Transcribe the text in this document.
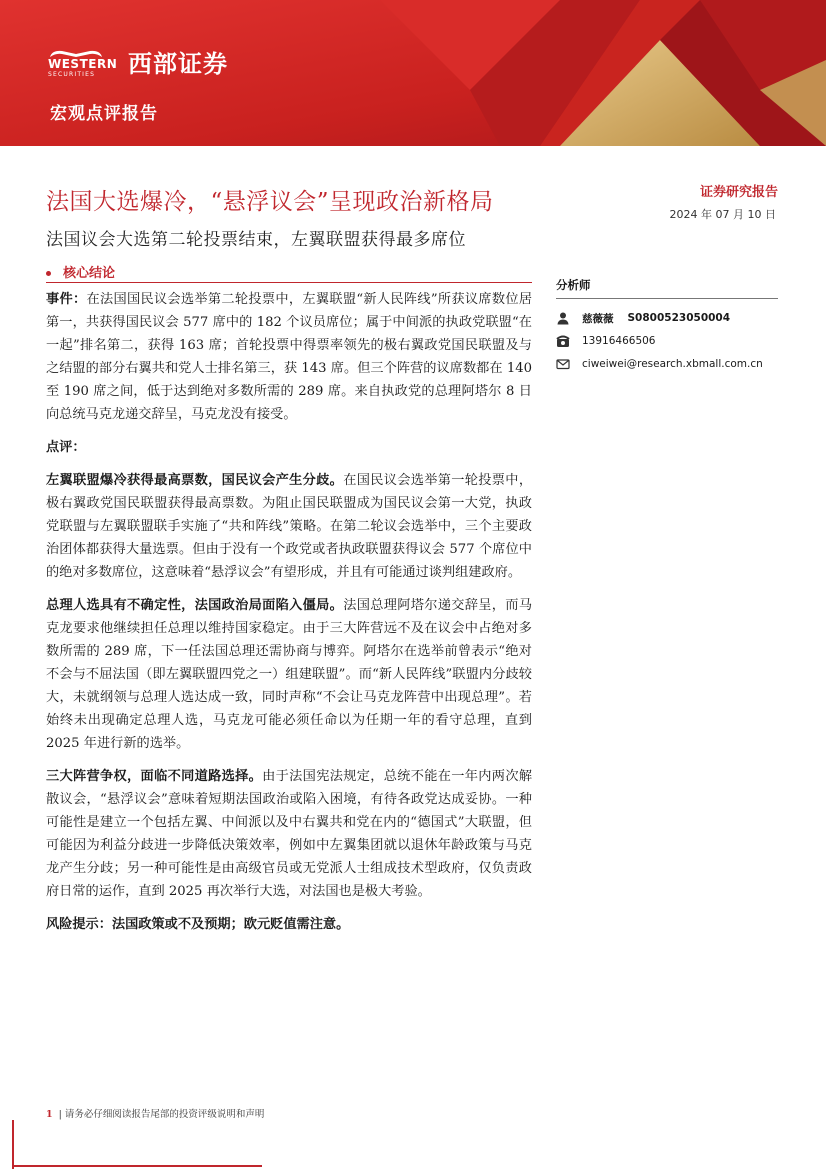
WESTERN
SECURITIES 西部证券
宏观点评报告
法国大选爆冷，“悬浮议会”呈现政治新格局
法国议会大选第二轮投票结束，左翼联盟获得最多席位
证券研究报告
2024 年 07 月 10 日
核心结论

事件：在法国国民议会选举第二轮投票中，左翼联盟“新人民阵线”所获议席数位居第一，共获得国民议会 577 席中的 182 个议员席位；属于中间派的执政党联盟“在一起”排名第二，获得 163 席；首轮投票中得票率领先的极右翼政党国民联盟及与之结盟的部分右翼共和党人士排名第三，获 143 席。但三个阵营的议席数都在 140 至 190 席之间，低于达到绝对多数所需的 289 席。来自执政党的总理阿塔尔 8 日向总统马克龙递交辞呈，马克龙没有接受。

点评：

左翼联盟爆冷获得最高票数，国民议会产生分歧。在国民议会选举第一轮投票中，极右翼政党国民联盟获得最高票数。为阻止国民联盟成为国民议会第一大党，执政党联盟与左翼联盟联手实施了“共和阵线”策略。在第二轮议会选举中，三个主要政治团体都获得大量选票。但由于没有一个政党或者执政联盟获得议会 577 个席位中的绝对多数席位，这意味着“悬浮议会”有望形成，并且有可能通过谈判组建政府。

总理人选具有不确定性，法国政治局面陷入僵局。法国总理阿塔尔递交辞呈，而马克龙要求他继续担任总理以维持国家稳定。由于三大阵营远不及在议会中占绝对多数所需的 289 席，下一任法国总理还需协商与博弈。阿塔尔在选举前曾表示“绝对不会与不屈法国（即左翼联盟四党之一）组建联盟”。而“新人民阵线”联盟内分歧较大，未就纲领与总理人选达成一致，同时声称“不会让马克龙阵营中出现总理”。若始终未出现确定总理人选，马克龙可能必须任命以为任期一年的看守总理，直到 2025 年进行新的选举。

三大阵营争权，面临不同道路选择。由于法国宪法规定，总统不能在一年内两次解散议会，“悬浮议会”意味着短期法国政治或陷入困境，有待各政党达成妥协。一种可能性是建立一个包括左翼、中间派以及中右翼共和党在内的“德国式”大联盟，但可能因为利益分歧进一步降低决策效率，例如中左翼集团就以退休年龄政策与马克龙产生分歧；另一种可能性是由高级官员或无党派人士组成技术型政府，仅负责政府日常的运作，直到 2025 再次举行大选，对法国也是极大考验。

风险提示：法国政策或不及预期；欧元贬值需注意。

分析师
慈薇薇 S0800523050004
13916466506
ciweiwei@research.xbmall.com.cn
1 | 请务必仔细阅读报告尾部的投资评级说明和声明
